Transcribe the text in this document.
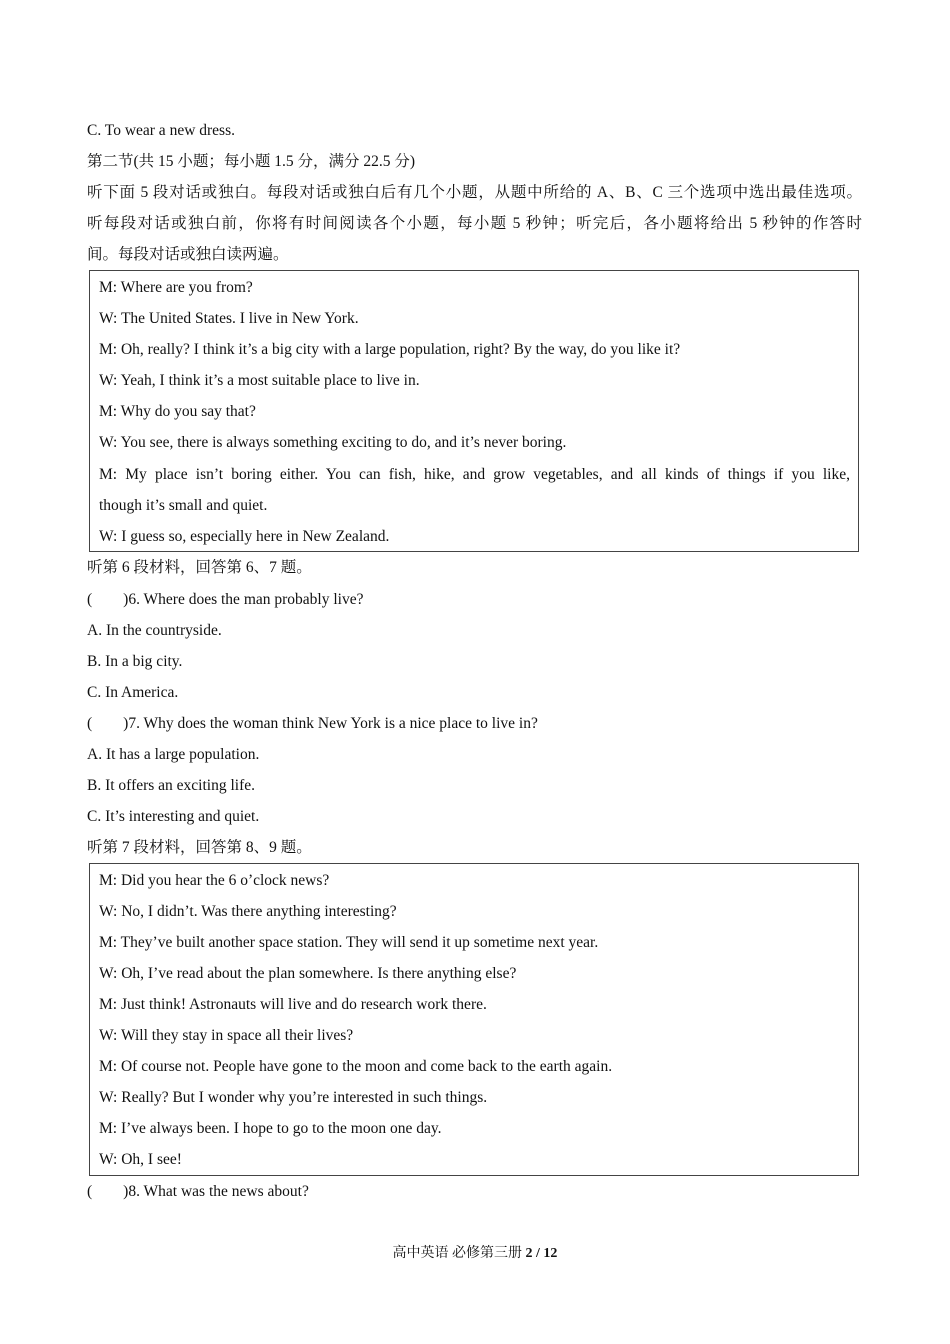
C. To wear a new dress.
第二节(共 15 小题；每小题 1.5 分，满分 22.5 分)
听下面 5 段对话或独白。每段对话或独白后有几个小题，从题中所给的 A、B、C 三个选项中选出最佳选项。
听每段对话或独白前，你将有时间阅读各个小题，每小题 5 秒钟；听完后，各小题将给出 5 秒钟的作答时
间。每段对话或独白读两遍。
M: Where are you from?
W: The United States. I live in New York.
M: Oh, really? I think it’s a big city with a large population, right? By the way, do you like it?
W: Yeah, I think it’s a most suitable place to live in.
M: Why do you say that?
W: You see, there is always something exciting to do, and it’s never boring.
M: My place isn’t boring either. You can fish, hike, and grow vegetables, and all kinds of things if you like,
though it’s small and quiet.
W: I guess so, especially here in New Zealand.
听第 6 段材料，回答第 6、7 题。
(　　)6. Where does the man probably live?
A. In the countryside.
B. In a big city.
C. In America.
(　　)7. Why does the woman think New York is a nice place to live in?
A. It has a large population.
B. It offers an exciting life.
C. It’s interesting and quiet.
听第 7 段材料，回答第 8、9 题。
M: Did you hear the 6 o’clock news?
W: No, I didn’t. Was there anything interesting?
M: They’ve built another space station. They will send it up sometime next year.
W: Oh, I’ve read about the plan somewhere. Is there anything else?
M: Just think! Astronauts will live and do research work there.
W: Will they stay in space all their lives?
M: Of course not. People have gone to the moon and come back to the earth again.
W: Really? But I wonder why you’re interested in such things.
M: I’ve always been. I hope to go to the moon one day.
W: Oh, I see!
(　　)8. What was the news about?
高中英语 必修第三册 2 / 12
